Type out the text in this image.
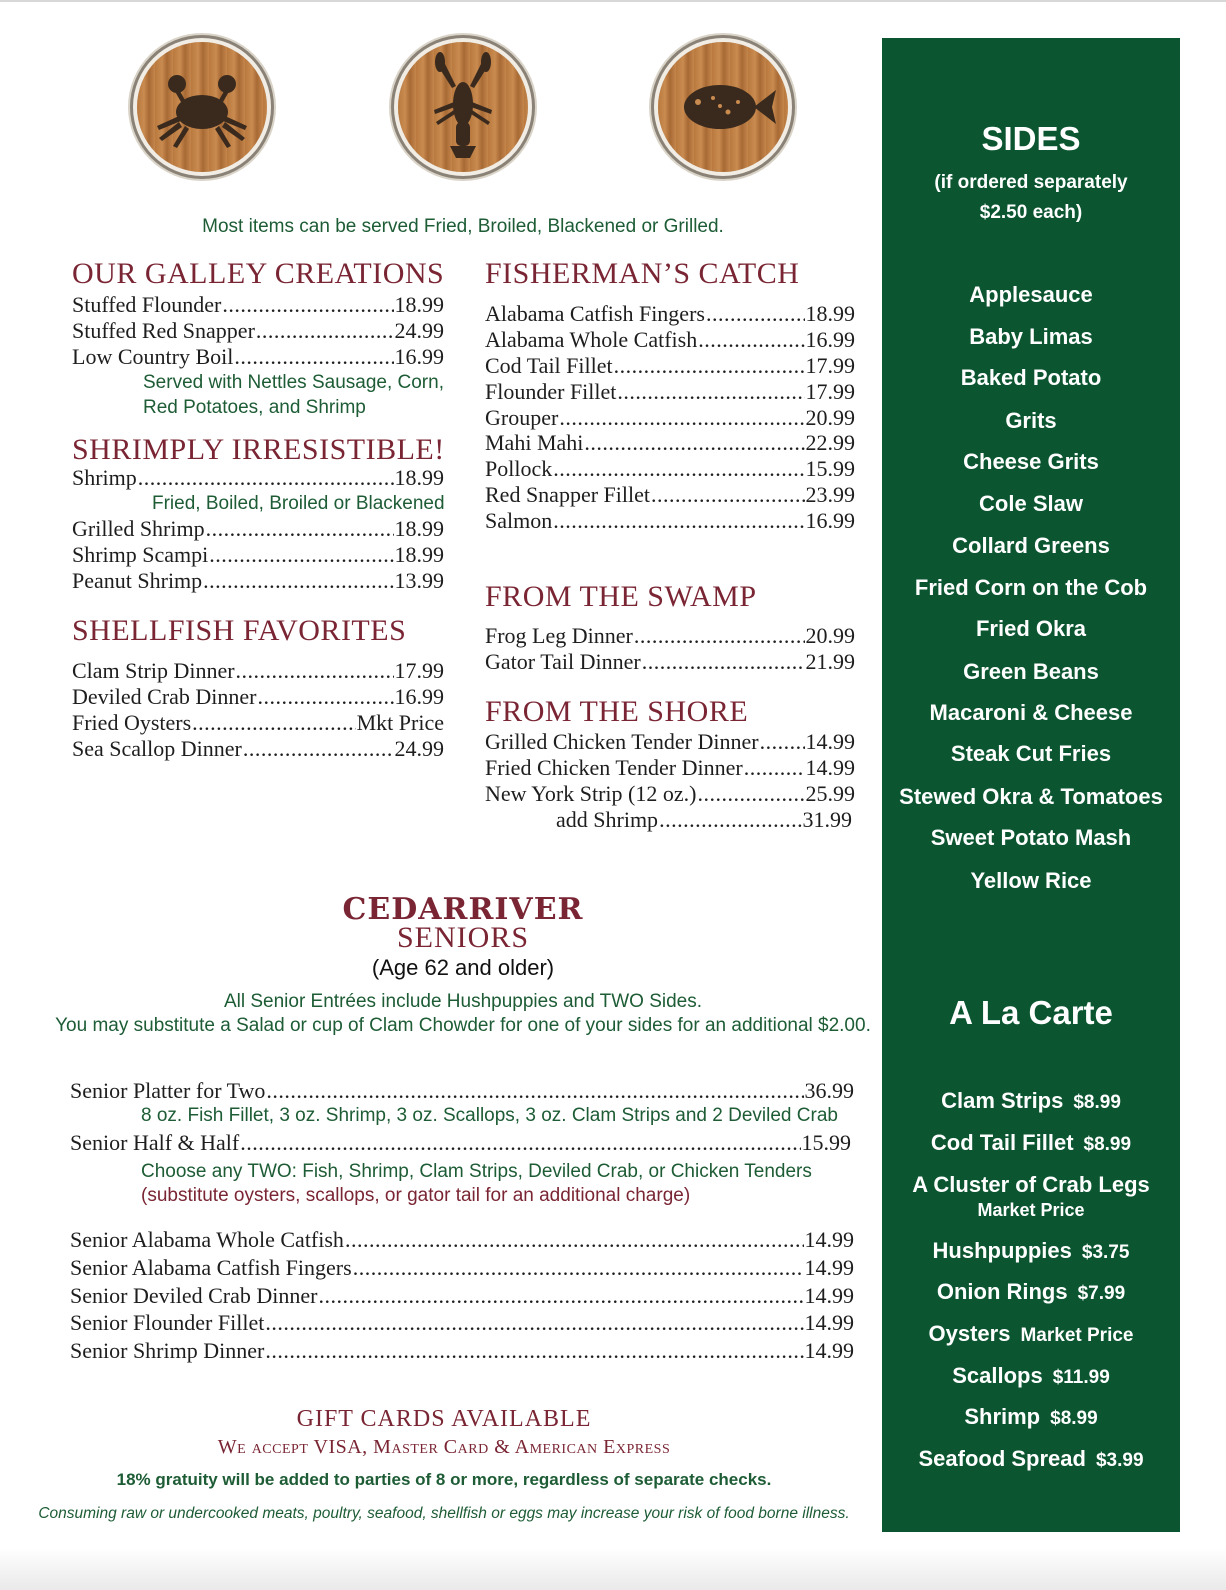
Most items can be served Fried, Broiled, Blackened or Grilled.
OUR GALLEY CREATIONS
Stuffed Flounder .....	18.99
Stuffed Red Snapper .....	24.99
Low Country Boil .....	16.99
Served with Nettles Sausage, Corn,
Red Potatoes, and Shrimp
SHRIMPLY IRRESISTIBLE!
Shrimp .....	18.99
Fried, Boiled, Broiled or Blackened
Grilled Shrimp .....	18.99
Shrimp Scampi .....	18.99
Peanut Shrimp .....	13.99
SHELLFISH FAVORITES
Clam Strip Dinner .....	17.99
Deviled Crab Dinner .....	16.99
Fried Oysters .....	Mkt Price
Sea Scallop Dinner .....	24.99
FISHERMAN’S CATCH
Alabama Catfish Fingers .....	18.99
Alabama Whole Catfish .....	16.99
Cod Tail Fillet .....	17.99
Flounder Fillet .....	17.99
Grouper .....	20.99
Mahi Mahi .....	22.99
Pollock .....	15.99
Red Snapper Fillet .....	23.99
Salmon .....	16.99
FROM THE SWAMP
Frog Leg Dinner .....	20.99
Gator Tail Dinner .....	21.99
FROM THE SHORE
Grilled Chicken Tender Dinner ..... 14.99
Fried Chicken Tender Dinner .....	14.99
New York Strip (12 oz.) .....	25.99
add Shrimp .....	31.99
CEDARRIVER
SENIORS
(Age 62 and older)
All Senior Entrées include Hushpuppies and TWO Sides.
You may substitute a Salad or cup of Clam Chowder for one of your sides for an additional $2.00.
Senior Platter for Two .....	36.99
8 oz. Fish Fillet, 3 oz. Shrimp, 3 oz. Scallops, 3 oz. Clam Strips and 2 Deviled Crab
Senior Half & Half .....	15.99
Choose any TWO: Fish, Shrimp, Clam Strips, Deviled Crab, or Chicken Tenders
(substitute oysters, scallops, or gator tail for an additional charge)
Senior Alabama Whole Catfish .....	14.99
Senior Alabama Catfish Fingers .....	14.99
Senior Deviled Crab Dinner .....	14.99
Senior Flounder Fillet .....	14.99
Senior Shrimp Dinner .....	14.99
GIFT CARDS AVAILABLE
We accept VISA, Master Card & American Express
18% gratuity will be added to parties of 8 or more, regardless of separate checks.
Consuming raw or undercooked meats, poultry, seafood, shellfish or eggs may increase your risk of food borne illness.
SIDES
(if ordered separately
$2.50 each)
Applesauce
Baby Limas
Baked Potato
Grits
Cheese Grits
Cole Slaw
Collard Greens
Fried Corn on the Cob
Fried Okra
Green Beans
Macaroni & Cheese
Steak Cut Fries
Stewed Okra & Tomatoes
Sweet Potato Mash
Yellow Rice
A La Carte
Clam Strips $8.99
Cod Tail Fillet $8.99
A Cluster of Crab Legs
Market Price
Hushpuppies $3.75
Onion Rings $7.99
Oysters Market Price
Scallops $11.99
Shrimp $8.99
Seafood Spread $3.99
